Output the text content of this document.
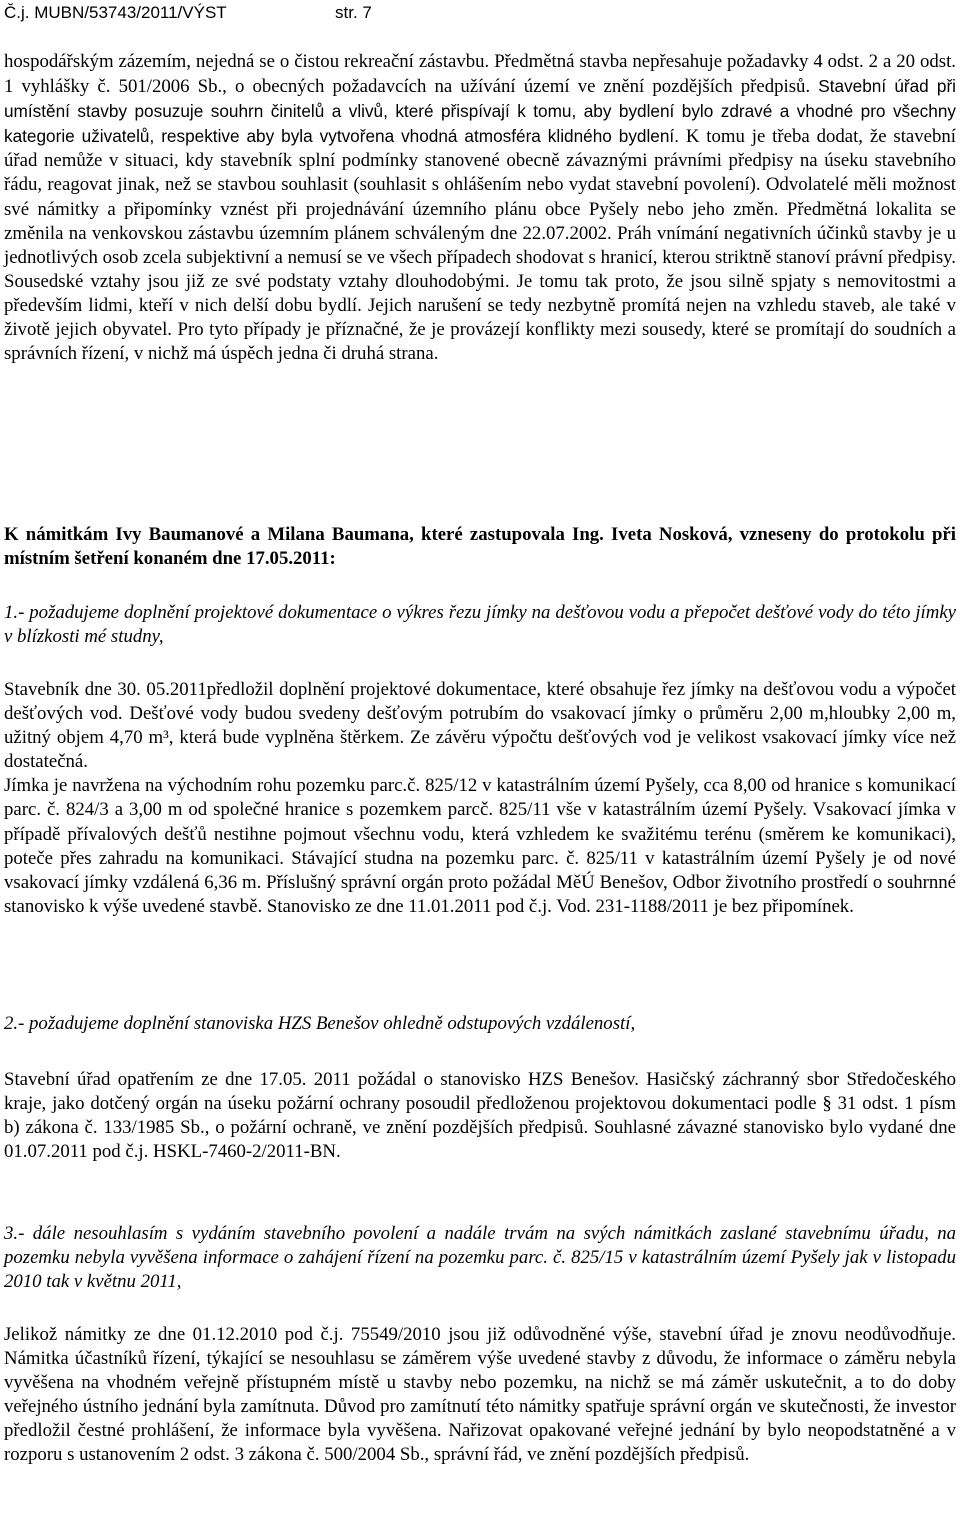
Č.j. MUBN/53743/2011/VÝST	str. 7
hospodářským zázemím, nejedná se o čistou rekreační zástavbu. Předmětná stavba nepřesahuje požadavky 4 odst. 2 a 20 odst. 1 vyhlášky č. 501/2006 Sb., o obecných požadavcích na užívání území ve znění pozdějších předpisů. Stavební úřad při umístění stavby posuzuje souhrn činitelů a vlivů, které přispívají k tomu, aby bydlení bylo zdravé a vhodné pro všechny kategorie uživatelů, respektive aby byla vytvořena vhodná atmosféra klidného bydlení. K tomu je třeba dodat, že stavební úřad nemůže v situaci, kdy stavebník splní podmínky stanovené obecně závaznými právními předpisy na úseku stavebního řádu, reagovat jinak, než se stavbou souhlasit (souhlasit s ohlášením nebo vydat stavební povolení). Odvolatelé měli možnost své námitky a připomínky vznést při projednávání územního plánu obce Pyšely nebo jeho změn. Předmětná lokalita se změnila na venkovskou zástavbu územním plánem schváleným dne 22.07.2002. Práh vnímání negativních účinků stavby je u jednotlivých osob zcela subjektivní a nemusí se ve všech případech shodovat s hranicí, kterou striktně stanoví právní předpisy. Sousedské vztahy jsou již ze své podstaty vztahy dlouhodobými. Je tomu tak proto, že jsou silně spjaty s nemovitostmi a především lidmi, kteří v nich delší dobu bydlí. Jejich narušení se tedy nezbytně promítá nejen na vzhledu staveb, ale také v životě jejich obyvatel. Pro tyto případy je příznačné, že je provázejí konflikty mezi sousedy, které se promítají do soudních a správních řízení, v nichž má úspěch jedna či druhá strana.
K námitkám Ivy Baumanové a Milana Baumana, které zastupovala Ing. Iveta Nosková, vzneseny do protokolu při místním šetření konaném dne 17.05.2011:
1.- požadujeme doplnění projektové dokumentace o výkres řezu jímky na dešťovou vodu a přepočet dešťové vody do této jímky v blízkosti mé studny,
Stavebník dne 30. 05.2011předložil doplnění projektové dokumentace, které obsahuje řez jímky na dešťovou vodu a výpočet dešťových vod. Dešťové vody budou svedeny dešťovým potrubím do vsakovací jímky o průměru 2,00 m,hloubky 2,00 m, užitný objem 4,70 m³, která bude vyplněna štěrkem. Ze závěru výpočtu dešťových vod je velikost vsakovací jímky více než dostatečná.
Jímka je navržena na východním rohu pozemku parc.č. 825/12 v katastrálním území Pyšely, cca 8,00 od hranice s komunikací parc. č. 824/3 a 3,00 m od společné hranice s pozemkem parcč. 825/11 vše v katastrálním území Pyšely. Vsakovací jímka v případě přívalových dešťů nestihne pojmout všechnu vodu, která vzhledem ke svažitému terénu (směrem ke komunikaci), poteče přes zahradu na komunikaci. Stávající studna na pozemku parc. č. 825/11 v katastrálním území Pyšely je od nové vsakovací jímky vzdálená 6,36 m. Příslušný správní orgán proto požádal MěÚ Benešov, Odbor životního prostředí o souhrnné stanovisko k výše uvedené stavbě. Stanovisko ze dne 11.01.2011 pod č.j. Vod. 231-1188/2011 je bez připomínek.
2.- požadujeme doplnění stanoviska HZS Benešov ohledně odstupových vzdáleností,
Stavební úřad opatřením ze dne 17.05. 2011 požádal o stanovisko HZS Benešov. Hasičský záchranný sbor Středočeského kraje, jako dotčený orgán na úseku požární ochrany posoudil předloženou projektovou dokumentaci podle § 31 odst. 1 písm b) zákona č. 133/1985 Sb., o požární ochraně, ve znění pozdějších předpisů. Souhlasné závazné stanovisko bylo vydané dne 01.07.2011 pod č.j. HSKL-7460-2/2011-BN.
3.- dále nesouhlasím s vydáním stavebního povolení a nadále trvám na svých námitkách zaslané stavebnímu úřadu, na pozemku nebyla vyvěšena informace o zahájení řízení na pozemku parc. č. 825/15 v katastrálním území Pyšely jak v listopadu 2010 tak v květnu 2011,
Jelikož námitky ze dne 01.12.2010 pod č.j. 75549/2010 jsou již odůvodněné výše, stavební úřad je znovu neodůvodňuje. Námitka účastníků řízení, týkající se nesouhlasu se záměrem výše uvedené stavby z důvodu, že informace o záměru nebyla vyvěšena na vhodném veřejně přístupném místě u stavby nebo pozemku, na nichž se má záměr uskutečnit, a to do doby veřejného ústního jednání byla zamítnuta. Důvod pro zamítnutí této námitky spatřuje správní orgán ve skutečnosti, že investor předložil čestné prohlášení, že informace byla vyvěšena. Nařizovat opakované veřejné jednání by bylo neopodstatněné a v rozporu s ustanovením 2 odst. 3 zákona č. 500/2004 Sb., správní řád, ve znění pozdějších předpisů.
